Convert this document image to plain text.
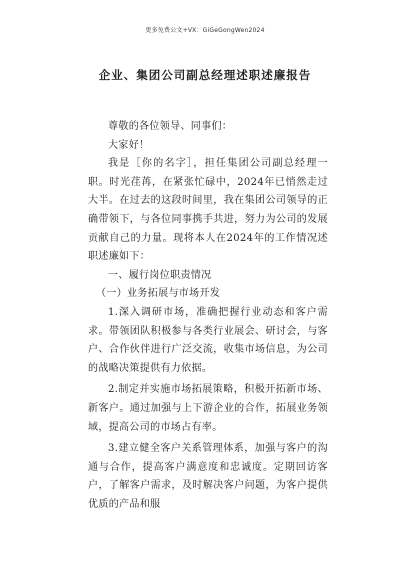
更多免费公文+VX：GiGeGongWen2024
企业、集团公司副总经理述职述廉报告

尊敬的各位领导、同事们：

大家好！

我是［你的名字］，担任集团公司副总经理一职。时光荏苒，在紧张忙碌中，2024年已悄然走过大半。在过去的这段时间里，我在集团公司领导的正确带领下，与各位同事携手共进，努力为公司的发展贡献自己的力量。现将本人在2024年的工作情况述职述廉如下：

一、履行岗位职责情况

（一）业务拓展与市场开发

1.深入调研市场，准确把握行业动态和客户需求。带领团队积极参与各类行业展会、研讨会，与客户、合作伙伴进行广泛交流，收集市场信息，为公司的战略决策提供有力依据。

2.制定并实施市场拓展策略，积极开拓新市场、新客户。通过加强与上下游企业的合作，拓展业务领域，提高公司的市场占有率。

3.建立健全客户关系管理体系，加强与客户的沟通与合作，提高客户满意度和忠诚度。定期回访客户，了解客户需求，及时解决客户问题，为客户提供优质的产品和服
